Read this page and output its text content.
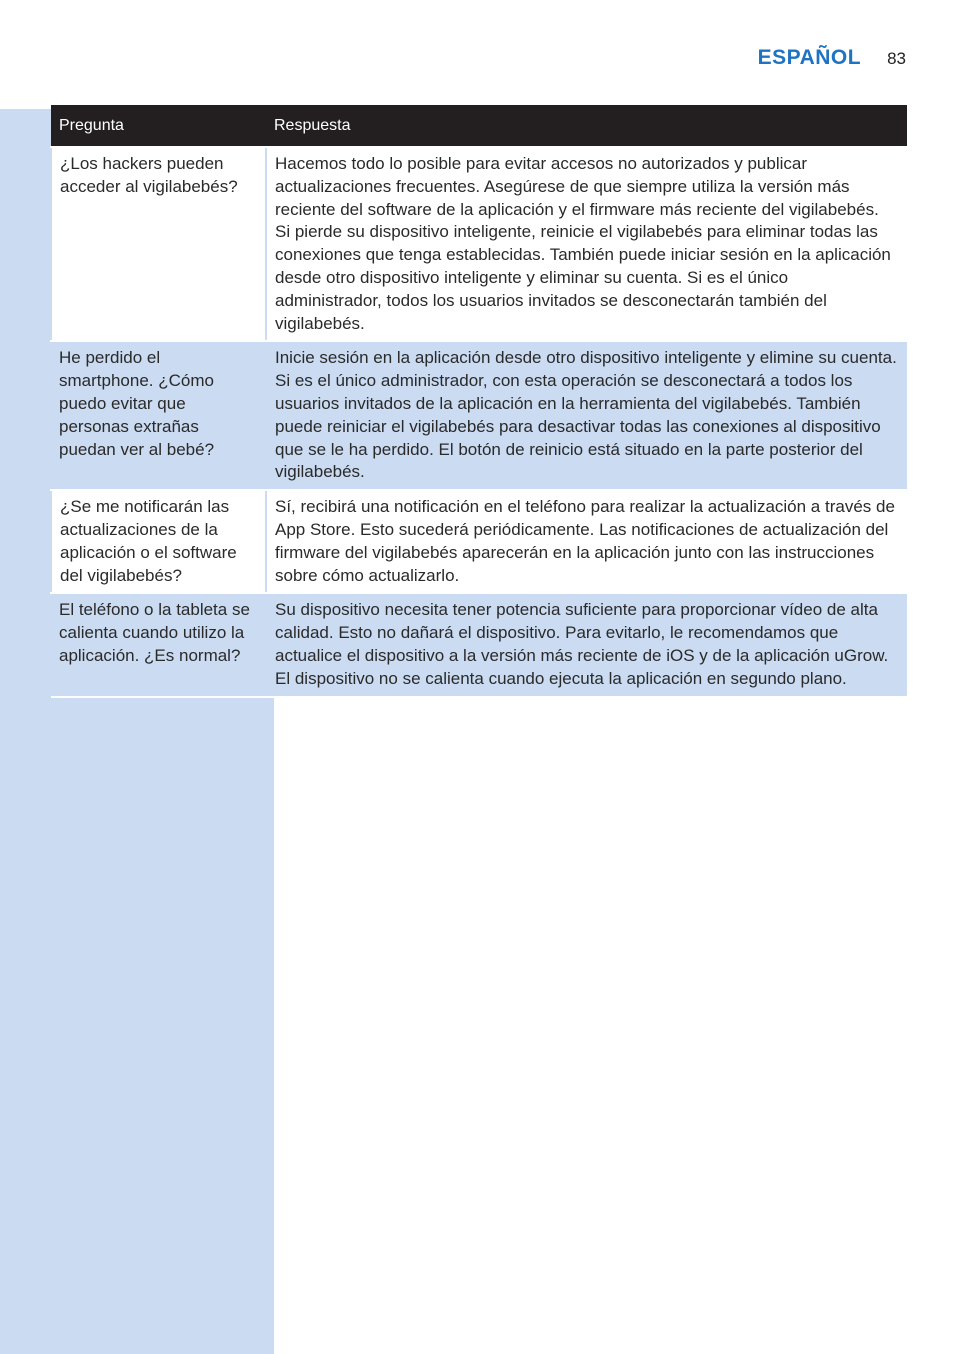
ESPAÑOL 83
Pregunta	Respuesta
¿Los hackers pueden acceder al vigilabebés?	Hacemos todo lo posible para evitar accesos no autorizados y publicar actualizaciones frecuentes. Asegúrese de que siempre utiliza la versión más reciente del software de la aplicación y el firmware más reciente del vigilabebés. Si pierde su dispositivo inteligente, reinicie el vigilabebés para eliminar todas las conexiones que tenga establecidas. También puede iniciar sesión en la aplicación desde otro dispositivo inteligente y eliminar su cuenta. Si es el único administrador, todos los usuarios invitados se desconectarán también del vigilabebés.
He perdido el smartphone. ¿Cómo puedo evitar que personas extrañas puedan ver al bebé?	Inicie sesión en la aplicación desde otro dispositivo inteligente y elimine su cuenta. Si es el único administrador, con esta operación se desconectará a todos los usuarios invitados de la aplicación en la herramienta del vigilabebés. También puede reiniciar el vigilabebés para desactivar todas las conexiones al dispositivo que se le ha perdido. El botón de reinicio está situado en la parte posterior del vigilabebés.
¿Se me notificarán las actualizaciones de la aplicación o el software del vigilabebés?	Sí, recibirá una notificación en el teléfono para realizar la actualización a través de App Store. Esto sucederá periódicamente. Las notificaciones de actualización del firmware del vigilabebés aparecerán en la aplicación junto con las instrucciones sobre cómo actualizarlo.
El teléfono o la tableta se calienta cuando utilizo la aplicación. ¿Es normal?	Su dispositivo necesita tener potencia suficiente para proporcionar vídeo de alta calidad. Esto no dañará el dispositivo. Para evitarlo, le recomendamos que actualice el dispositivo a la versión más reciente de iOS y de la aplicación uGrow. El dispositivo no se calienta cuando ejecuta la aplicación en segundo plano.
